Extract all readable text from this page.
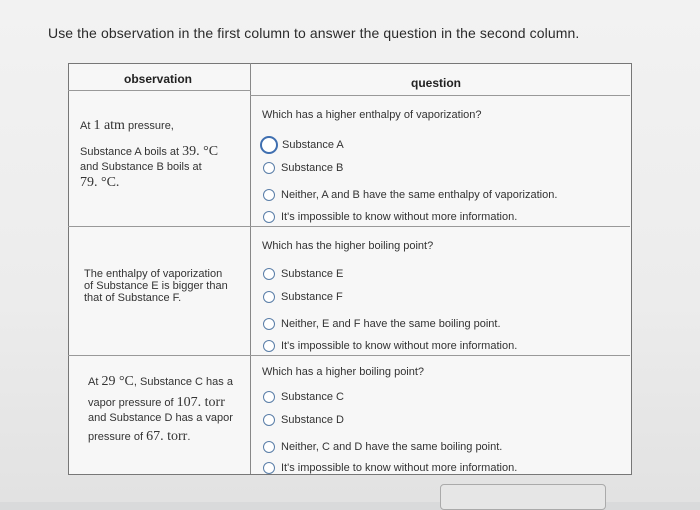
Use the observation in the first column to answer the question in the second column.
observation	question
At 1 atm pressure,
Substance A boils at 39. °C
and Substance B boils at
79. °C.
Which has a higher enthalpy of vaporization?
Substance A
Substance B
Neither, A and B have the same enthalpy of vaporization.
It's impossible to know without more information.
The enthalpy of vaporization
of Substance E is bigger than
that of Substance F.
Which has the higher boiling point?
Substance E
Substance F
Neither, E and F have the same boiling point.
It's impossible to know without more information.
At 29 °C, Substance C has a
vapor pressure of 107. torr
and Substance D has a vapor
pressure of 67. torr.
Which has a higher boiling point?
Substance C
Substance D
Neither, C and D have the same boiling point.
It's impossible to know without more information.
